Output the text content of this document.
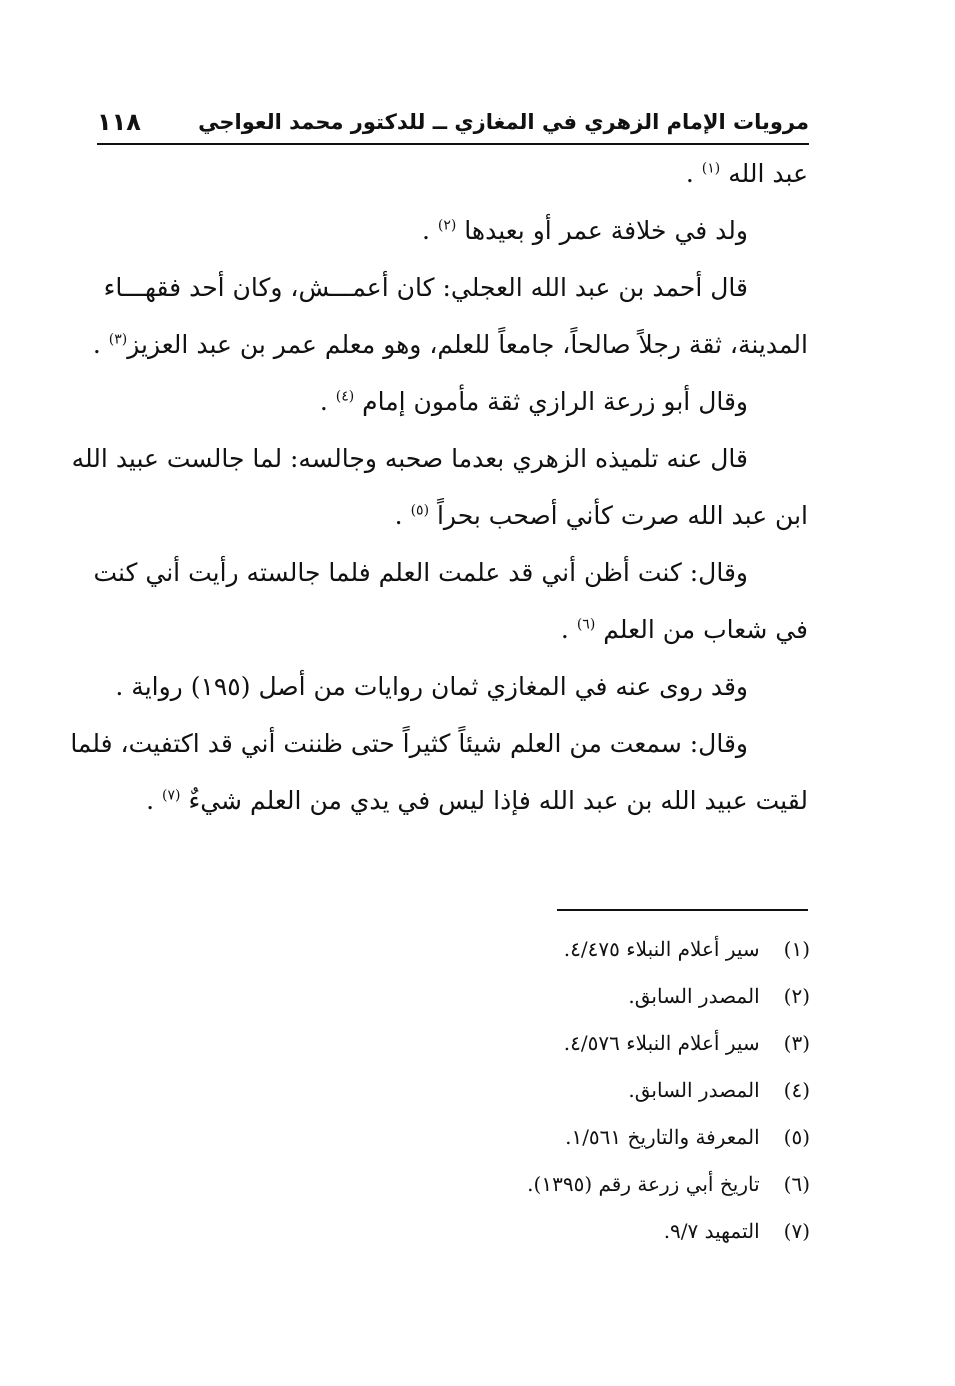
مرويات الإمام الزهري في المغازي ــ للدكتور محمد العواجي
١١٨
عبد الله $^{(١)}$ .
ولد في خلافة عمر أو بعيدها $^{(٢)}$ .
قال أحمد بن عبد الله العجلي: كان أعمـــش، وكان أحد فقهـــاء
المدينة، ثقة رجلاً صالحاً، جامعاً للعلم، وهو معلم عمر بن عبد العزيز$^{(٣)}$ .
وقال أبو زرعة الرازي ثقة مأمون إمام $^{(٤)}$ .
قال عنه تلميذه الزهري بعدما صحبه وجالسه: لما جالست عبيد الله
ابن عبد الله صرت كأني أصحب بحراً $^{(٥)}$ .
وقال: كنت أظن أني قد علمت العلم فلما جالسته رأيت أني كنت
في شعاب من العلم $^{(٦)}$ .
وقد روى عنه في المغازي ثمان روايات من أصل (١٩٥) رواية .
وقال: سمعت من العلم شيئاً كثيراً حتى ظننت أني قد اكتفيت، فلما
لقيت عبيد الله بن عبد الله فإذا ليس في يدي من العلم شيءٌ $^{(٧)}$ .
(١) سير أعلام النبلاء ٤/٤٧٥.
(٢) المصدر السابق.
(٣) سير أعلام النبلاء ٤/٥٧٦.
(٤) المصدر السابق.
(٥) المعرفة والتاريخ ١/٥٦١.
(٦) تاريخ أبي زرعة رقم (١٣٩٥).
(٧) التمهيد ٩/٧.
